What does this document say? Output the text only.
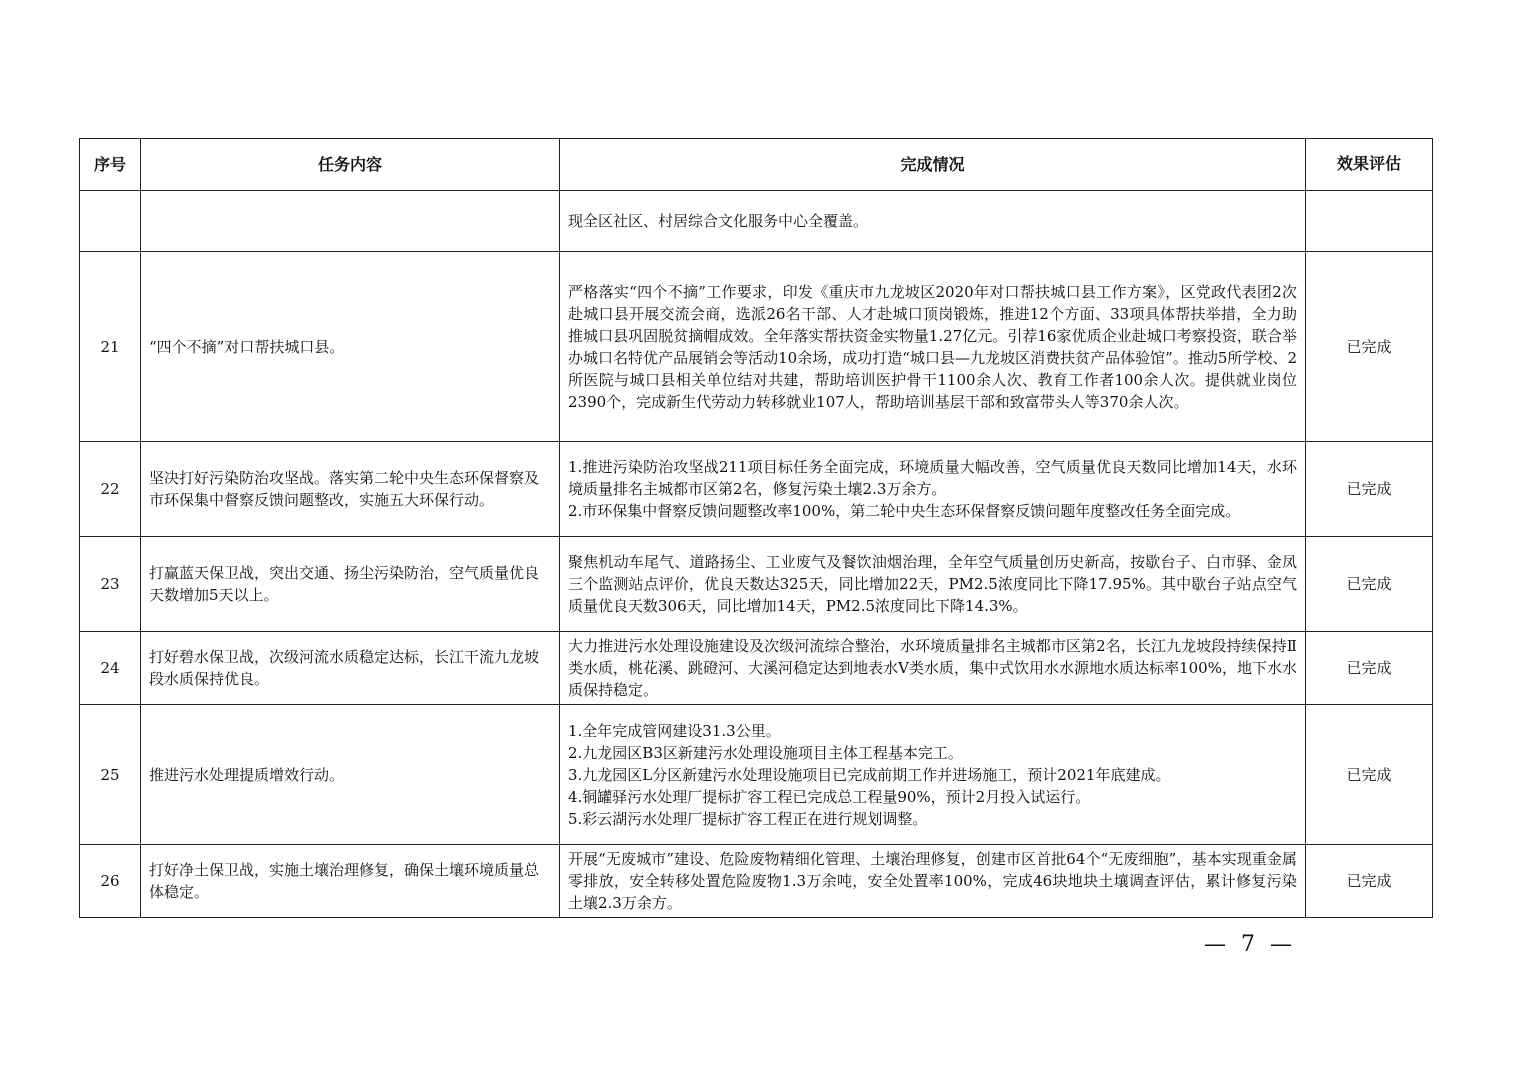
序号	任务内容	完成情况	效果评估

		现全区社区、村居综合文化服务中心全覆盖。	

21	“四个不摘”对口帮扶城口县。	严格落实“四个不摘”工作要求，印发《重庆市九龙坡区2020年对口帮扶城口县工作方案》，区党政代表团2次赴城口县开展交流会商，选派26名干部、人才赴城口顶岗锻炼，推进12个方面、33项具体帮扶举措，全力助推城口县巩固脱贫摘帽成效。全年落实帮扶资金实物量1.27亿元。引荐16家优质企业赴城口考察投资，联合举办城口名特优产品展销会等活动10余场，成功打造“城口县—九龙坡区消费扶贫产品体验馆”。推动5所学校、2所医院与城口县相关单位结对共建，帮助培训医护骨干1100余人次、教育工作者100余人次。提供就业岗位2390个，完成新生代劳动力转移就业107人，帮助培训基层干部和致富带头人等370余人次。	已完成
22	坚决打好污染防治攻坚战。落实第二轮中央生态环保督察及市环保集中督察反馈问题整改，实施五大环保行动。	1.推进污染防治攻坚战211项目标任务全面完成，环境质量大幅改善，空气质量优良天数同比增加14天，水环境质量排名主城都市区第2名，修复污染土壤2.3万余方。
2.市环保集中督察反馈问题整改率100%，第二轮中央生态环保督察反馈问题年度整改任务全面完成。	已完成
23	打赢蓝天保卫战，突出交通、扬尘污染防治，空气质量优良天数增加5天以上。	聚焦机动车尾气、道路扬尘、工业废气及餐饮油烟治理，全年空气质量创历史新高，按歇台子、白市驿、金凤三个监测站点评价，优良天数达325天，同比增加22天，PM2.5浓度同比下降17.95%。其中歇台子站点空气质量优良天数306天，同比增加14天，PM2.5浓度同比下降14.3%。	已完成
24	打好碧水保卫战，次级河流水质稳定达标，长江干流九龙坡段水质保持优良。	大力推进污水处理设施建设及次级河流综合整治，水环境质量排名主城都市区第2名，长江九龙坡段持续保持Ⅱ类水质，桃花溪、跳磴河、大溪河稳定达到地表水Ⅴ类水质，集中式饮用水水源地水质达标率100%，地下水水质保持稳定。	已完成
25	推进污水处理提质增效行动。	1.全年完成管网建设31.3公里。
2.九龙园区B3区新建污水处理设施项目主体工程基本完工。
3.九龙园区L分区新建污水处理设施项目已完成前期工作并进场施工，预计2021年底建成。
4.铜罐驿污水处理厂提标扩容工程已完成总工程量90%，预计2月投入试运行。
5.彩云湖污水处理厂提标扩容工程正在进行规划调整。	已完成
26	打好净土保卫战，实施土壤治理修复，确保土壤环境质量总体稳定。	开展“无废城市”建设、危险废物精细化管理、土壤治理修复，创建市区首批64个“无废细胞”，基本实现重金属零排放，安全转移处置危险废物1.3万余吨，安全处置率100%，完成46块地块土壤调查评估，累计修复污染土壤2.3万余方。	已完成
— 7 —
